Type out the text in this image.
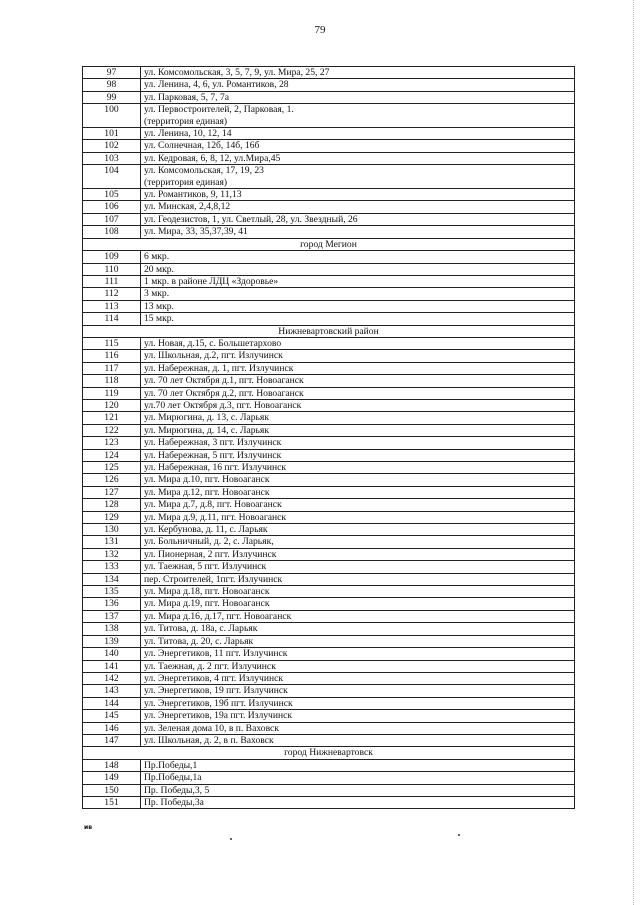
79
97	ул. Комсомольская, 3, 5, 7, 9, ул. Мира, 25, 27

98	ул. Ленина, 4, 6, ул. Романтиков, 28

99	ул. Парковая, 5, 7, 7а

100	ул. Первостроителей, 2, Парковая, 1.
(территория единая)

101	ул. Ленина, 10, 12, 14

102	ул. Солнечная, 12б, 14б, 16б

103	ул. Кедровая, 6, 8, 12, ул.Мира,45

104	ул. Комсомольская, 17, 19, 23
(территория единая)

105	ул. Романтиков, 9, 11,13

106	ул. Минская, 2,4,8,12

107	ул. Геодезистов, 1, ул. Светлый, 28, ул. Звездный, 26

108	ул. Мира, 33, 35,37,39, 41

город Мегион	
109	6 мкр.

110	20 мкр.

111	1 мкр. в районе ЛДЦ «Здоровье»

112	3 мкр.

113	13 мкр.

114	15 мкр.

Нижневартовский район	
115	ул. Новая, д.15, с. Большетархово

116	ул. Школьная, д.2, пгт. Излучинск

117	ул. Набережная, д. 1, пгт. Излучинск

118	ул. 70 лет Октября д.1, пгт. Новоаганск

119	ул. 70 лет Октября д.2, пгт. Новоаганск

120	ул.70 лет Октября д.3, пгт. Новоаганск

121	ул. Мирюгина, д. 13, с. Ларьяк

122	ул. Мирюгина, д. 14, с. Ларьяк

123	ул. Набережная, 3 пгт. Излучинск

124	ул. Набережная, 5 пгт. Излучинск

125	ул. Набережная, 16 пгт. Излучинск

126	ул. Мира д.10, пгт. Новоаганск

127	ул. Мира д.12, пгт. Новоаганск

128	ул. Мира д.7, д.8, пгт. Новоаганск

129	ул. Мира д.9, д.11, пгт. Новоаганск

130	ул. Кербунова, д. 11, с. Ларьяк

131	ул. Больничный, д. 2, с. Ларьяк,

132	ул. Пионерная, 2 пгт. Излучинск

133	ул. Таежная, 5 пгт. Излучинск

134	пер. Строителей, 1пгт. Излучинск

135	ул. Мира д.18, пгт. Новоаганск

136	ул. Мира д.19, пгт. Новоаганск

137	ул. Мира д.16, д.17, пгт. Новоаганск

138	ул. Титова, д. 18а, с. Ларьяк

139	ул. Титова, д. 20, с. Ларьяк

140	ул. Энергетиков, 11 пгт. Излучинск

141	ул. Таежная, д. 2 пгт. Излучинск

142	ул. Энергетиков, 4 пгт. Излучинск

143	ул. Энергетиков, 19 пгт. Излучинск

144	ул. Энергетиков, 19б пгт. Излучинск

145	ул. Энергетиков, 19а пгт. Излучинск

146	ул. Зеленая дома 10, в п. Ваховск

147	ул. Школьная, д. 2, в п. Ваховск

город Нижневартовск	
148	Пр.Победы,1

149	Пр.Победы,1а

150	Пр. Победы,3, 5

151	Пр. Победы,3а
ив
